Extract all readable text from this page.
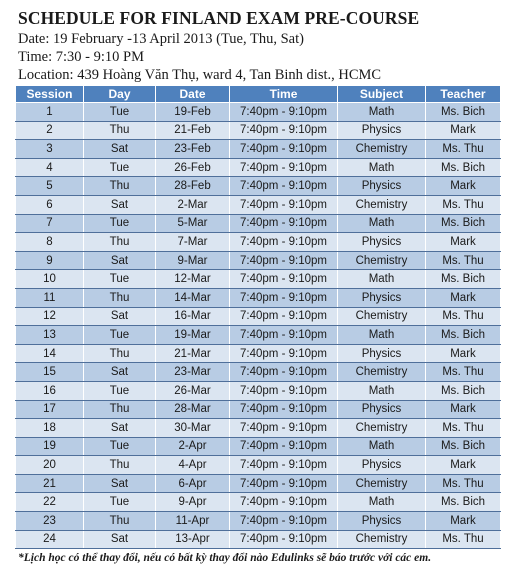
SCHEDULE FOR FINLAND EXAM PRE-COURSE
Date: 19 February -13 April 2013 (Tue, Thu, Sat)
Time: 7:30 - 9:10 PM
Location: 439 Hoàng Văn Thụ, ward 4, Tan Binh dist., HCMC
Session	Day	Date	Time	Subject	Teacher
1	Tue	19-Feb	7:40pm - 9:10pm	Math	Ms. Bich
2	Thu	21-Feb	7:40pm - 9:10pm	Physics	Mark
3	Sat	23-Feb	7:40pm - 9:10pm	Chemistry	Ms. Thu
4	Tue	26-Feb	7:40pm - 9:10pm	Math	Ms. Bich
5	Thu	28-Feb	7:40pm - 9:10pm	Physics	Mark
6	Sat	2-Mar	7:40pm - 9:10pm	Chemistry	Ms. Thu
7	Tue	5-Mar	7:40pm - 9:10pm	Math	Ms. Bich
8	Thu	7-Mar	7:40pm - 9:10pm	Physics	Mark
9	Sat	9-Mar	7:40pm - 9:10pm	Chemistry	Ms. Thu
10	Tue	12-Mar	7:40pm - 9:10pm	Math	Ms. Bich
11	Thu	14-Mar	7:40pm - 9:10pm	Physics	Mark
12	Sat	16-Mar	7:40pm - 9:10pm	Chemistry	Ms. Thu
13	Tue	19-Mar	7:40pm - 9:10pm	Math	Ms. Bich
14	Thu	21-Mar	7:40pm - 9:10pm	Physics	Mark
15	Sat	23-Mar	7:40pm - 9:10pm	Chemistry	Ms. Thu
16	Tue	26-Mar	7:40pm - 9:10pm	Math	Ms. Bich
17	Thu	28-Mar	7:40pm - 9:10pm	Physics	Mark
18	Sat	30-Mar	7:40pm - 9:10pm	Chemistry	Ms. Thu
19	Tue	2-Apr	7:40pm - 9:10pm	Math	Ms. Bich
20	Thu	4-Apr	7:40pm - 9:10pm	Physics	Mark
21	Sat	6-Apr	7:40pm - 9:10pm	Chemistry	Ms. Thu
22	Tue	9-Apr	7:40pm - 9:10pm	Math	Ms. Bich
23	Thu	11-Apr	7:40pm - 9:10pm	Physics	Mark
24	Sat	13-Apr	7:40pm - 9:10pm	Chemistry	Ms. Thu
*Lịch học có thể thay đổi, nếu có bất kỳ thay đổi nào Edulinks sẽ báo trước với các em.
